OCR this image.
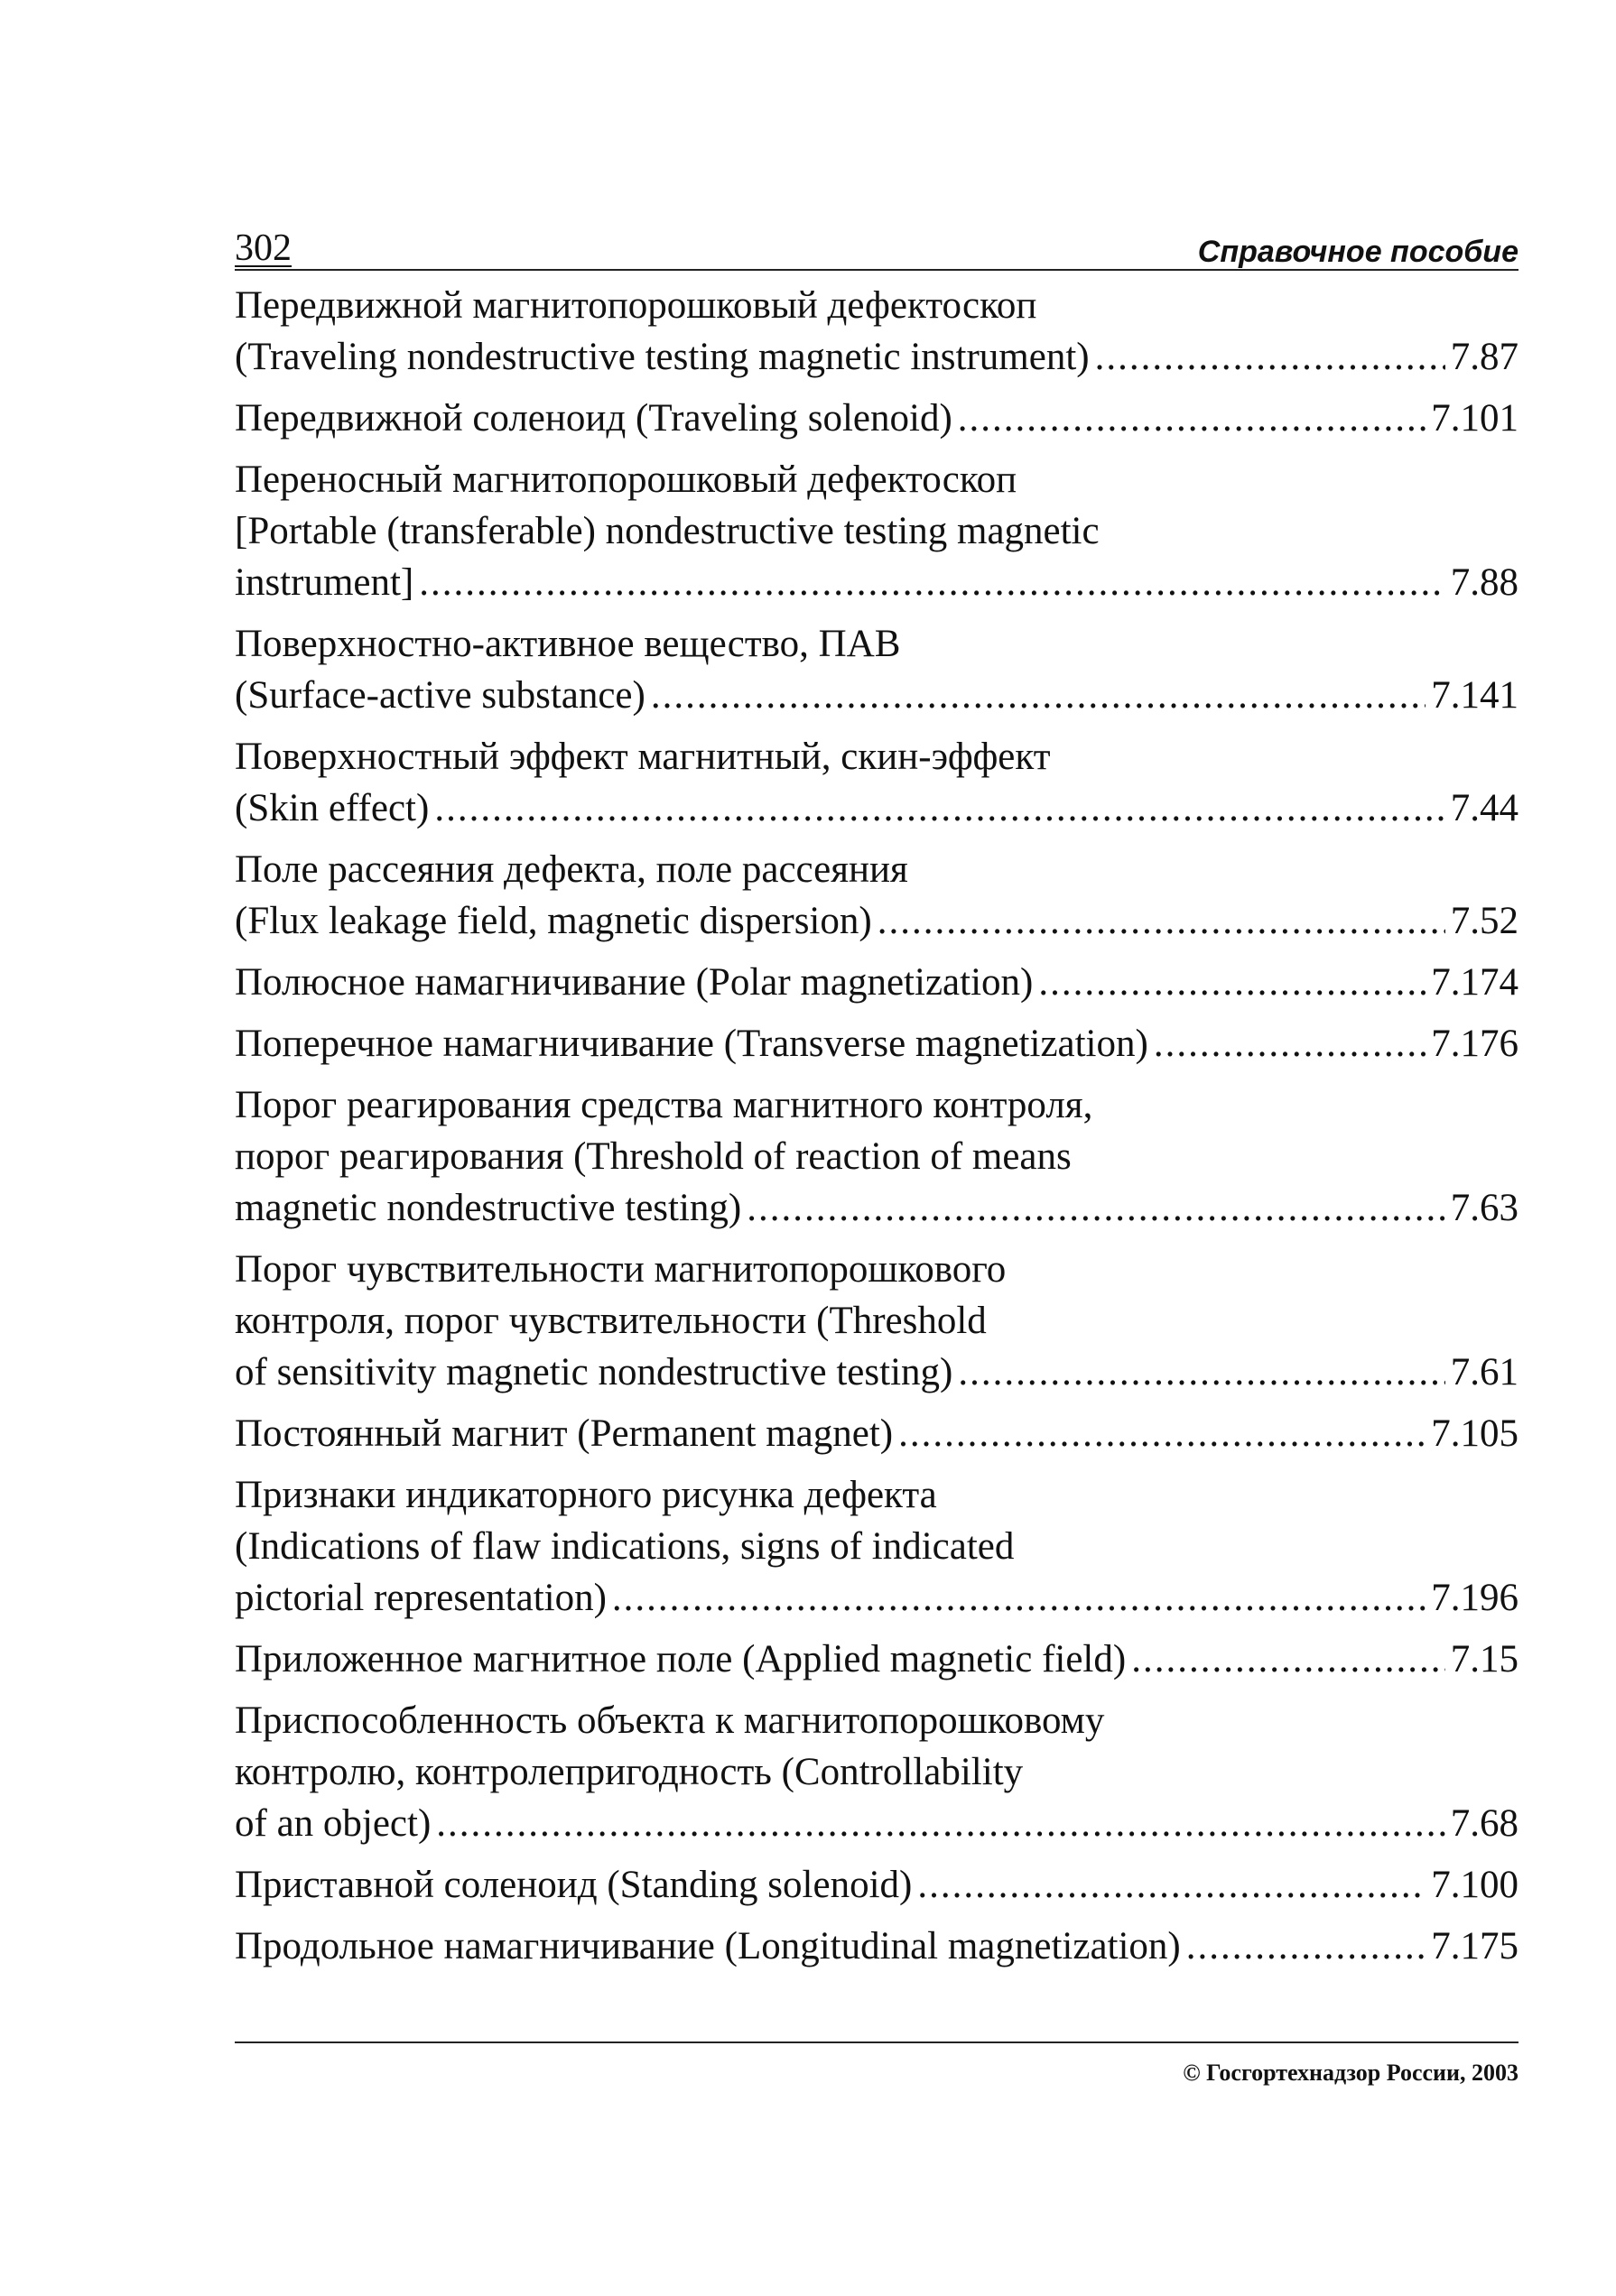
302	Справочное пособие
Передвижной магнитопорошковый дефектоскоп
(Traveling nondestructive testing magnetic instrument) .....	7.87
Передвижной соленоид (Traveling solenoid) .....	7.101
Переносный магнитопорошковый дефектоскоп
[Portable (transferable) nondestructive testing magnetic
instrument] .....	7.88
Поверхностно-активное вещество, ПАВ
(Surface-active substance) .....	7.141
Поверхностный эффект магнитный, скин-эффект
(Skin effect) .....	7.44
Поле рассеяния дефекта, поле рассеяния
(Flux leakage field, magnetic dispersion) .....	7.52
Полюсное намагничивание (Polar magnetization) .....	7.174
Поперечное намагничивание (Transverse magnetization) .....	7.176
Порог реагирования средства магнитного контроля,
порог реагирования (Threshold of reaction of means
magnetic nondestructive testing) .....	7.63
Порог чувствительности магнитопорошкового
контроля, порог чувствительности (Threshold
of sensitivity magnetic nondestructive testing) .....	7.61
Постоянный магнит (Permanent magnet) .....	7.105
Признаки индикаторного рисунка дефекта
(Indications of flaw indications, signs of indicated
pictorial representation) .....	7.196
Приложенное магнитное поле (Applied magnetic field) .....	7.15
Приспособленность объекта к магнитопорошковому
контролю, контролепригодность (Controllability
of an object) .....	7.68
Приставной соленоид (Standing solenoid) .....	7.100
Продольное намагничивание (Longitudinal magnetization) .....	7.175
© Госгортехнадзор России, 2003
